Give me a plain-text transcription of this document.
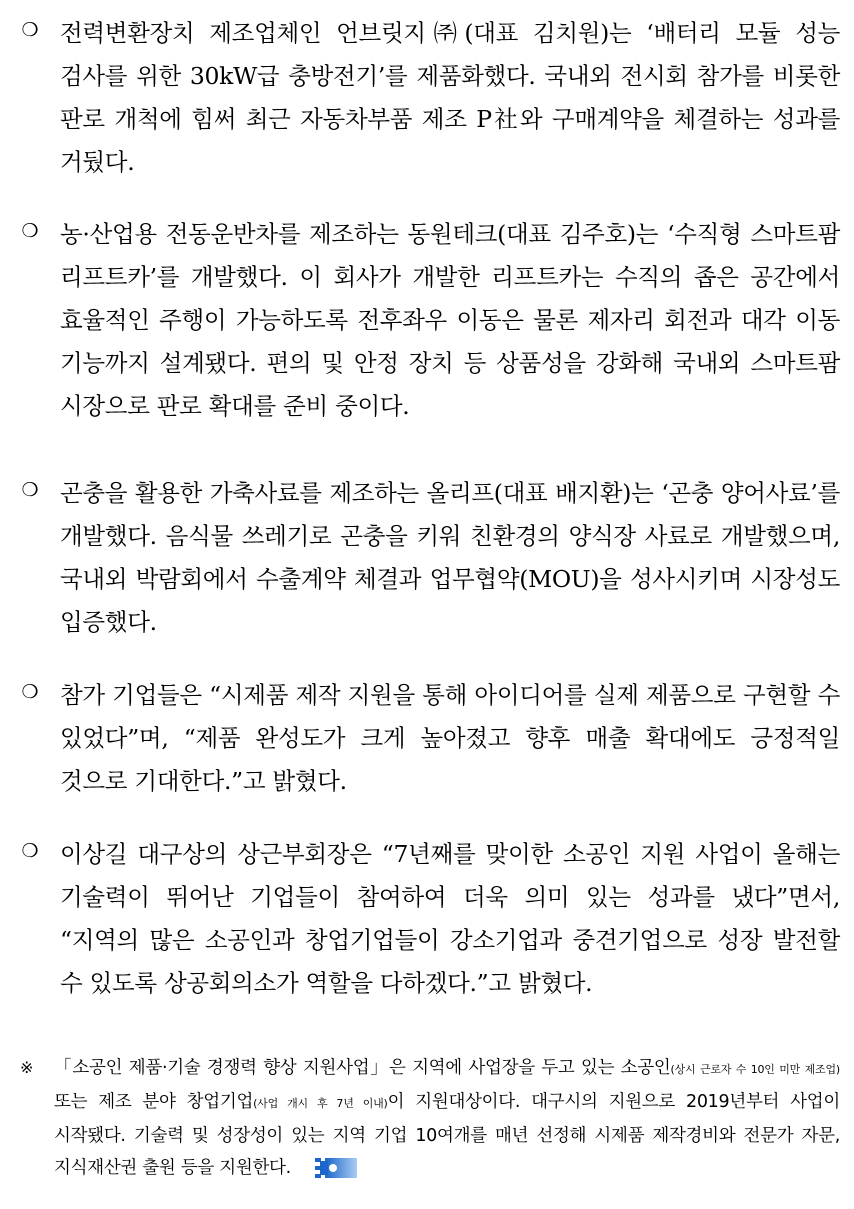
❍ 전력변환장치 제조업체인 언브릿지㈜(대표 김치원)는 ‘배터리 모듈 성능 검사를 위한 30kW급 충방전기’를 제품화했다. 국내외 전시회 참가를 비롯한 판로 개척에 힘써 최근 자동차부품 제조 P社와 구매계약을 체결하는 성과를 거뒀다.
❍ 농·산업용 전동운반차를 제조하는 동원테크(대표 김주호)는 ‘수직형 스마트팜 리프트카’를 개발했다. 이 회사가 개발한 리프트카는 수직의 좁은 공간에서 효율적인 주행이 가능하도록 전후좌우 이동은 물론 제자리 회전과 대각 이동 기능까지 설계됐다. 편의 및 안정 장치 등 상품성을 강화해 국내외 스마트팜 시장으로 판로 확대를 준비 중이다.
❍ 곤충을 활용한 가축사료를 제조하는 올리프(대표 배지환)는 ‘곤충 양어사료’를 개발했다. 음식물 쓰레기로 곤충을 키워 친환경의 양식장 사료로 개발했으며, 국내외 박람회에서 수출계약 체결과 업무협약(MOU)을 성사시키며 시장성도 입증했다.
❍ 참가 기업들은 “시제품 제작 지원을 통해 아이디어를 실제 제품으로 구현할 수 있었다”며, “제품 완성도가 크게 높아졌고 향후 매출 확대에도 긍정적일 것으로 기대한다.”고 밝혔다.
❍ 이상길 대구상의 상근부회장은 “7년째를 맞이한 소공인 지원 사업이 올해는 기술력이 뛰어난 기업들이 참여하여 더욱 의미 있는 성과를 냈다”면서, “지역의 많은 소공인과 창업기업들이 강소기업과 중견기업으로 성장 발전할 수 있도록 상공회의소가 역할을 다하겠다.”고 밝혔다.
※ 「소공인 제품·기술 경쟁력 향상 지원사업」은 지역에 사업장을 두고 있는 소공인(상시 근로자 수 10인 미만 제조업) 또는 제조 분야 창업기업(사업 개시 후 7년 이내)이 지원대상이다. 대구시의 지원으로 2019년부터 사업이 시작됐다. 기술력 및 성장성이 있는 지역 기업 10여개를 매년 선정해 시제품 제작경비와 전문가 자문, 지식재산권 출원 등을 지원한다.
